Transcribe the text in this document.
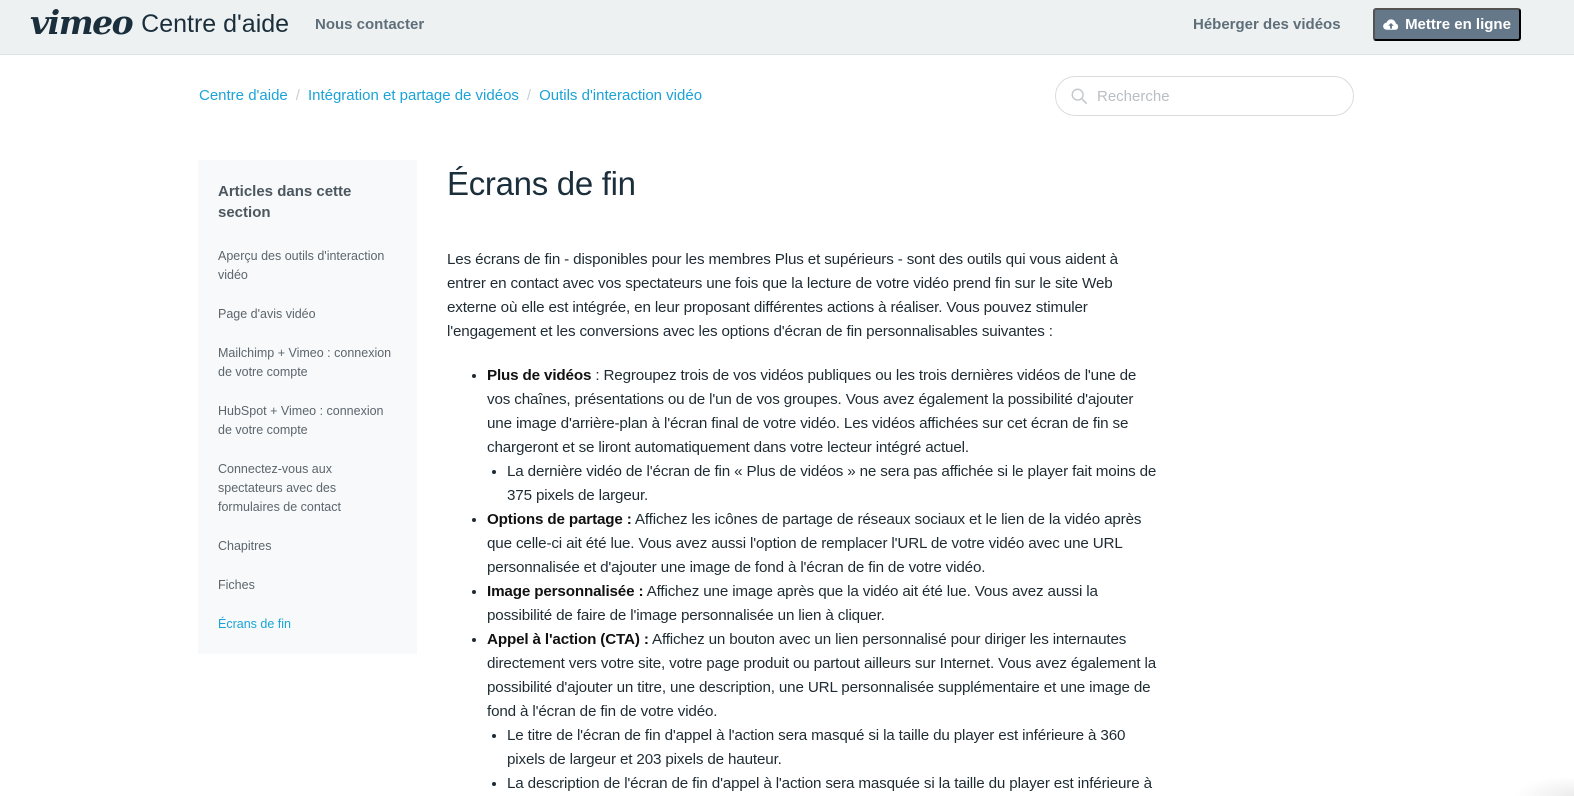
vimeo Centre d'aide Nous contacter	Héberger des vidéos	Mettre en ligne
Centre d'aide / Intégration et partage de vidéos / Outils d'interaction vidéo
Recherche
Articles dans cette section
Aperçu des outils d'interaction vidéo
Page d'avis vidéo
Mailchimp + Vimeo : connexion de votre compte
HubSpot + Vimeo : connexion de votre compte
Connectez-vous aux spectateurs avec des formulaires de contact
Chapitres
Fiches
Écrans de fin
Écrans de fin

Les écrans de fin - disponibles pour les membres Plus et supérieurs - sont des outils qui vous aident à entrer en contact avec vos spectateurs une fois que la lecture de votre vidéo prend fin sur le site Web externe où elle est intégrée, en leur proposant différentes actions à réaliser. Vous pouvez stimuler l'engagement et les conversions avec les options d'écran de fin personnalisables suivantes :

• Plus de vidéos : Regroupez trois de vos vidéos publiques ou les trois dernières vidéos de l'une de vos chaînes, présentations ou de l'un de vos groupes. Vous avez également la possibilité d'ajouter une image d'arrière-plan à l'écran final de votre vidéo. Les vidéos affichées sur cet écran de fin se chargeront et se liront automatiquement dans votre lecteur intégré actuel.
• La dernière vidéo de l'écran de fin « Plus de vidéos » ne sera pas affichée si le player fait moins de 375 pixels de largeur.
• Options de partage : Affichez les icônes de partage de réseaux sociaux et le lien de la vidéo après que celle-ci ait été lue. Vous avez aussi l'option de remplacer l'URL de votre vidéo avec une URL personnalisée et d'ajouter une image de fond à l'écran de fin de votre vidéo.
• Image personnalisée : Affichez une image après que la vidéo ait été lue. Vous avez aussi la possibilité de faire de l'image personnalisée un lien à cliquer.
• Appel à l'action (CTA) : Affichez un bouton avec un lien personnalisé pour diriger les internautes directement vers votre site, votre page produit ou partout ailleurs sur Internet. Vous avez également la possibilité d'ajouter un titre, une description, une URL personnalisée supplémentaire et une image de fond à l'écran de fin de votre vidéo.
• Le titre de l'écran de fin d'appel à l'action sera masqué si la taille du player est inférieure à 360 pixels de largeur et 203 pixels de hauteur.
• La description de l'écran de fin d'appel à l'action sera masquée si la taille du player est inférieure à
